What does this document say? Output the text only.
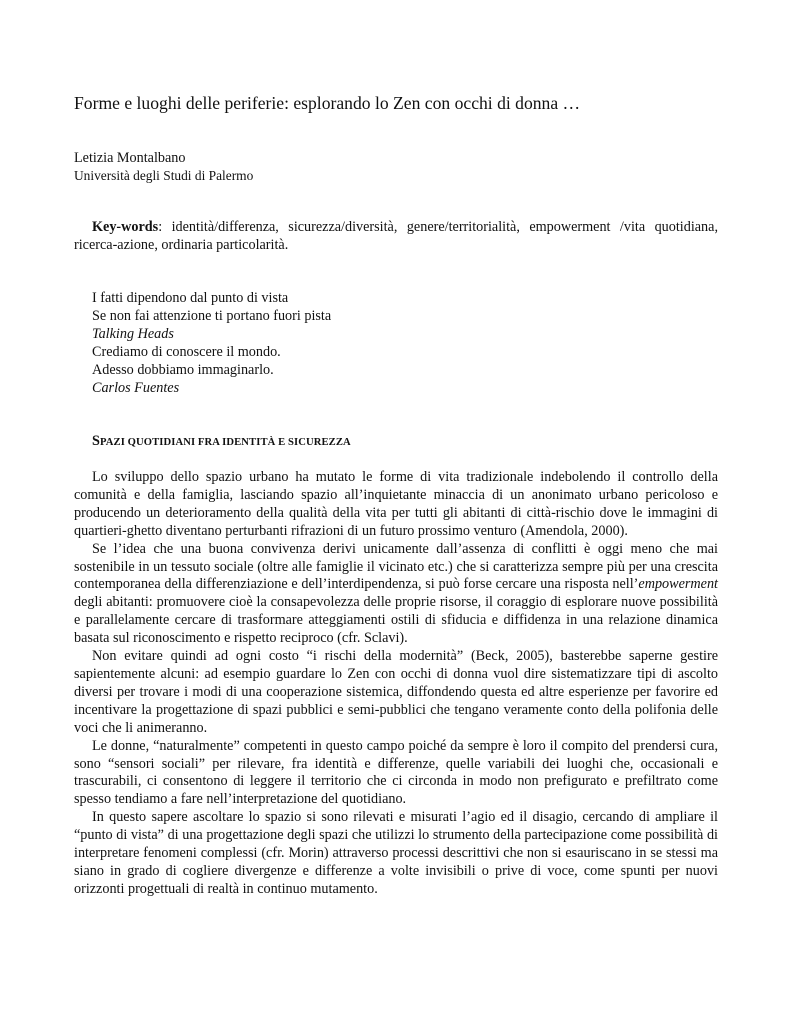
Forme e luoghi delle periferie: esplorando lo Zen con occhi di donna …
Letizia Montalbano
Università degli Studi di Palermo
Key-words: identità/differenza, sicurezza/diversità, genere/territorialità, empowerment /vita quotidiana, ricerca-azione, ordinaria particolarità.
I fatti dipendono dal punto di vista
Se non fai attenzione ti portano fuori pista
Talking Heads
Crediamo di conoscere il mondo.
Adesso dobbiamo immaginarlo.
Carlos Fuentes
SPAZI QUOTIDIANI FRA IDENTITÀ E SICUREZZA

Lo sviluppo dello spazio urbano ha mutato le forme di vita tradizionale indebolendo il controllo della comunità e della famiglia, lasciando spazio all’inquietante minaccia di un anonimato urbano pericoloso e producendo un deterioramento della qualità della vita per tutti gli abitanti di città-rischio dove le immagini di quartieri-ghetto diventano perturbanti rifrazioni di un futuro prossimo venturo (Amendola, 2000).

Se l’idea che una buona convivenza derivi unicamente dall’assenza di conflitti è oggi meno che mai sostenibile in un tessuto sociale (oltre alle famiglie il vicinato etc.) che si caratterizza sempre più per una crescita contemporanea della differenziazione e dell’interdipendenza, si può forse cercare una risposta nell’empowerment degli abitanti: promuovere cioè la consapevolezza delle proprie risorse, il coraggio di esplorare nuove possibilità e parallelamente cercare di trasformare atteggiamenti ostili di sfiducia e diffidenza in una relazione dinamica basata sul riconoscimento e rispetto reciproco (cfr. Sclavi).

Non evitare quindi ad ogni costo “i rischi della modernità” (Beck, 2005), basterebbe saperne gestire sapientemente alcuni: ad esempio guardare lo Zen con occhi di donna vuol dire sistematizzare tipi di ascolto diversi per trovare i modi di una cooperazione sistemica, diffondendo questa ed altre esperienze per favorire ed incentivare la progettazione di spazi pubblici e semi-pubblici che tengano veramente conto della polifonia delle voci che li animeranno.

Le donne, “naturalmente” competenti in questo campo poiché da sempre è loro il compito del prendersi cura, sono “sensori sociali” per rilevare, fra identità e differenze, quelle variabili dei luoghi che, occasionali e trascurabili, ci consentono di leggere il territorio che ci circonda in modo non prefigurato e prefiltrato come spesso tendiamo a fare nell’interpretazione del quotidiano.

In questo sapere ascoltare lo spazio si sono rilevati e misurati l’agio ed il disagio, cercando di ampliare il “punto di vista” di una progettazione degli spazi che utilizzi lo strumento della partecipazione come possibilità di interpretare fenomeni complessi (cfr. Morin) attraverso processi descrittivi che non si esauriscano in se stessi ma siano in grado di cogliere divergenze e differenze a volte invisibili o prive di voce, come spunti per nuovi orizzonti progettuali di realtà in continuo mutamento.
